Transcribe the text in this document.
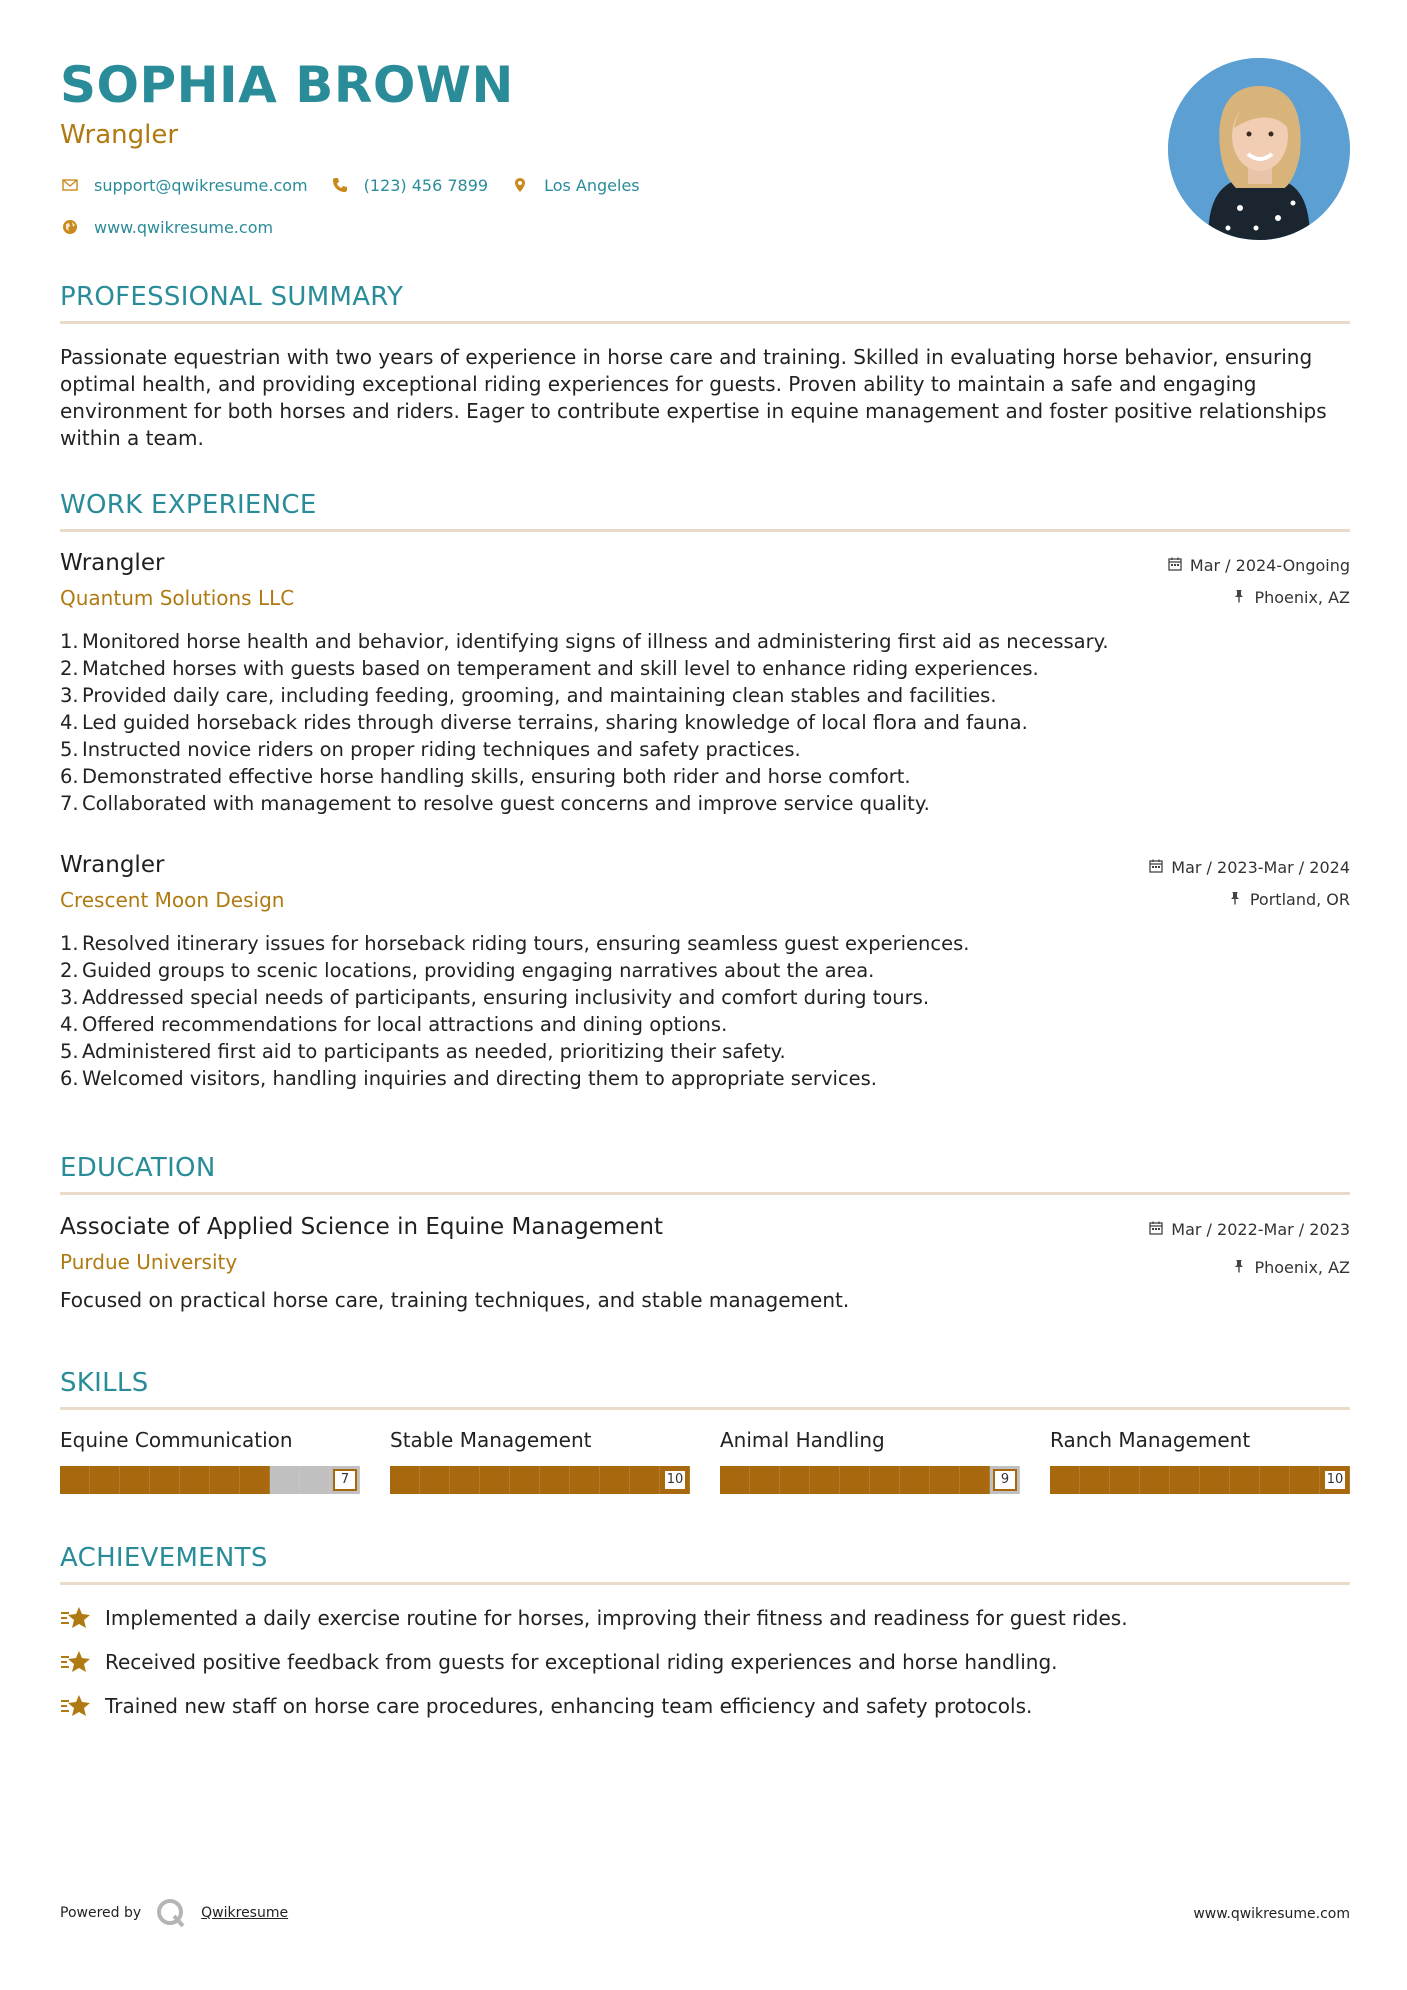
SOPHIA BROWN
Wrangler
support@qwikresume.com	(123) 456 7899	Los Angeles
www.qwikresume.com
PROFESSIONAL SUMMARY
Passionate equestrian with two years of experience in horse care and training. Skilled in evaluating horse behavior, ensuring optimal health, and providing exceptional riding experiences for guests. Proven ability to maintain a safe and engaging environment for both horses and riders. Eager to contribute expertise in equine management and foster positive relationships within a team.
WORK EXPERIENCE
Wrangler
Quantum Solutions LLC
Mar / 2024-Ongoing
Phoenix, AZ
1. Monitored horse health and behavior, identifying signs of illness and administering first aid as necessary.
2. Matched horses with guests based on temperament and skill level to enhance riding experiences.
3. Provided daily care, including feeding, grooming, and maintaining clean stables and facilities.
4. Led guided horseback rides through diverse terrains, sharing knowledge of local flora and fauna.
5. Instructed novice riders on proper riding techniques and safety practices.
6. Demonstrated effective horse handling skills, ensuring both rider and horse comfort.
7. Collaborated with management to resolve guest concerns and improve service quality.
Wrangler
Crescent Moon Design
Mar / 2023-Mar / 2024
Portland, OR
1. Resolved itinerary issues for horseback riding tours, ensuring seamless guest experiences.
2. Guided groups to scenic locations, providing engaging narratives about the area.
3. Addressed special needs of participants, ensuring inclusivity and comfort during tours.
4. Offered recommendations for local attractions and dining options.
5. Administered first aid to participants as needed, prioritizing their safety.
6. Welcomed visitors, handling inquiries and directing them to appropriate services.
EDUCATION
Associate of Applied Science in Equine Management
Purdue University
Mar / 2022-Mar / 2023
Phoenix, AZ
Focused on practical horse care, training techniques, and stable management.
SKILLS
Equine Communication
7
Stable Management
10
Animal Handling
9
Ranch Management
10
ACHIEVEMENTS
Implemented a daily exercise routine for horses, improving their fitness and readiness for guest rides.
Received positive feedback from guests for exceptional riding experiences and horse handling.
Trained new staff on horse care procedures, enhancing team efficiency and safety protocols.
Powered by	Qwikresume	www.qwikresume.com
